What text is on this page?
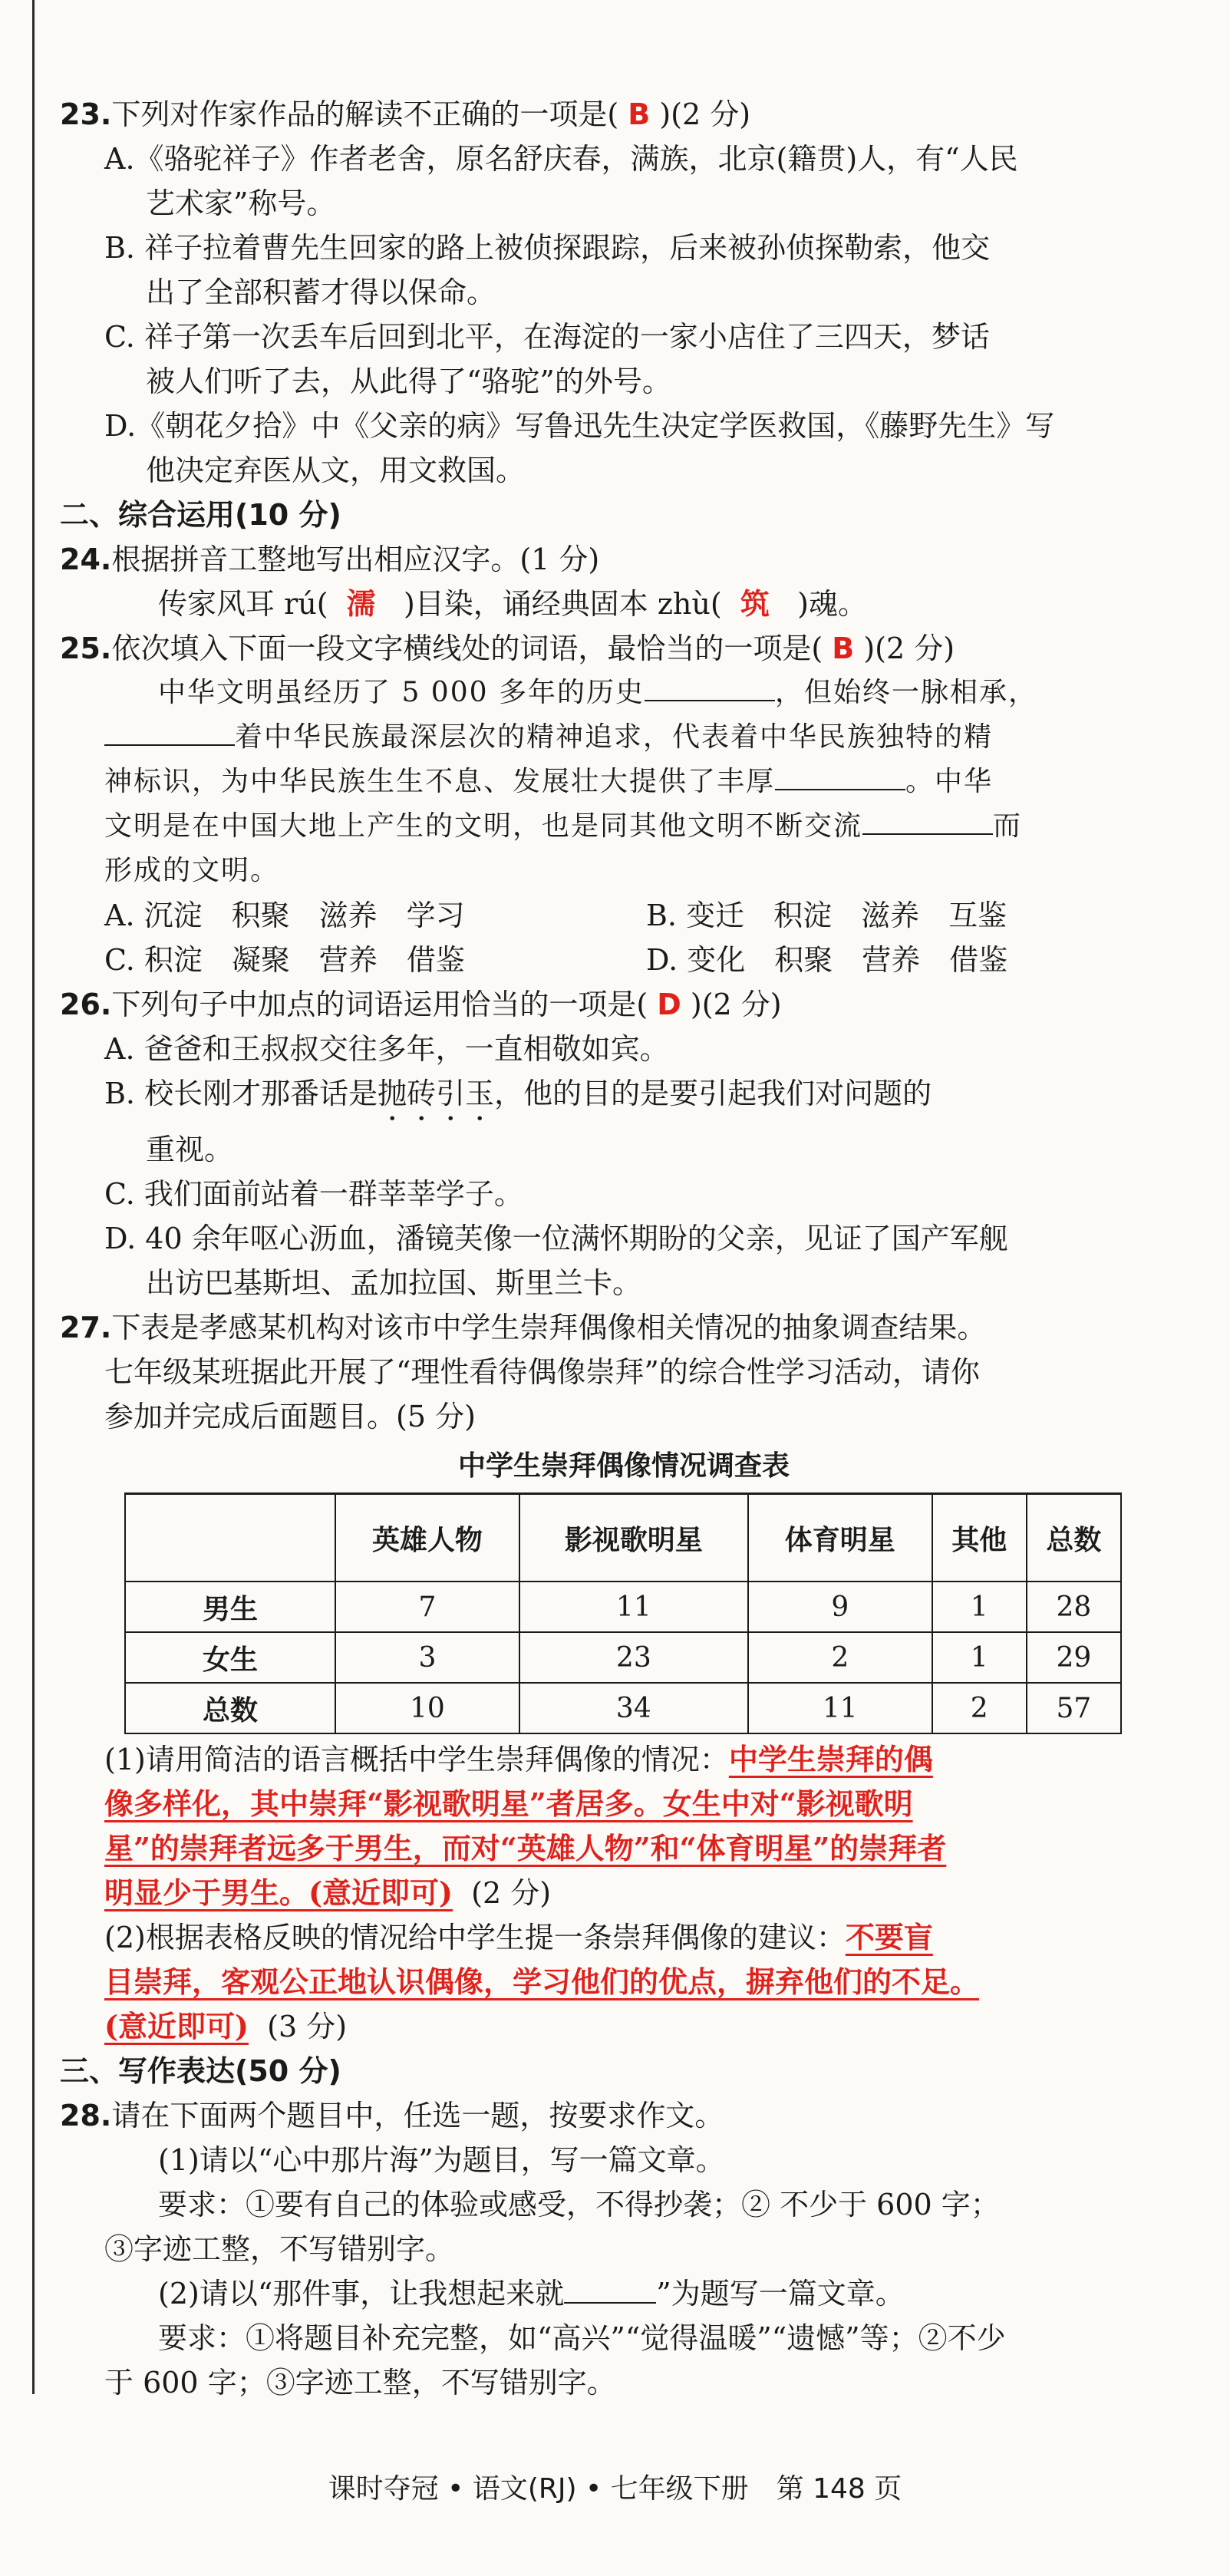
23.下列对作家作品的解读不正确的一项是( B )(2 分)
A.《骆驼祥子》作者老舍，原名舒庆春，满族，北京(籍贯)人，有“人民
艺术家”称号。
B. 祥子拉着曹先生回家的路上被侦探跟踪，后来被孙侦探勒索，他交
出了全部积蓄才得以保命。
C. 祥子第一次丢车后回到北平，在海淀的一家小店住了三四天，梦话
被人们听了去，从此得了“骆驼”的外号。
D.《朝花夕拾》中《父亲的病》写鲁迅先生决定学医救国，《藤野先生》写
他决定弃医从文，用文救国。
二、综合运用(10 分)
24.根据拼音工整地写出相应汉字。(1 分)
传家风耳 rú( 濡 )目染，诵经典固本 zhù( 筑 )魂。
25.依次填入下面一段文字横线处的词语，最恰当的一项是( B )(2 分)
中华文明虽经历了 5 000 多年的历史	，但始终一脉相承，
着中华民族最深层次的精神追求，代表着中华民族独特的精
神标识，为中华民族生生不息、发展壮大提供了丰厚	。中华
文明是在中国大地上产生的文明，也是同其他文明不断交流	而
形成的文明。
A. 沉淀　积聚　滋养　学习	B. 变迁　积淀　滋养　互鉴
C. 积淀　凝聚　营养　借鉴	D. 变化　积聚　营养　借鉴
26.下列句子中加点的词语运用恰当的一项是( D )(2 分)
A. 爸爸和王叔叔交往多年，一直相敬如宾。
B. 校长刚才那番话是抛砖引玉，他的目的是要引起我们对问题的
重视。
C. 我们面前站着一群莘莘学子。
D. 40 余年呕心沥血，潘镜芙像一位满怀期盼的父亲，见证了国产军舰
出访巴基斯坦、孟加拉国、斯里兰卡。
27.下表是孝感某机构对该市中学生崇拜偶像相关情况的抽象调查结果。
七年级某班据此开展了“理性看待偶像崇拜”的综合性学习活动，请你
参加并完成后面题目。(5 分)
中学生崇拜偶像情况调查表
	英雄人物	影视歌明星	体育明星	其他	总数
男生	7	11	9	1	28
女生	3	23	2	1	29
总数	10	34	11	2	57
(1)请用简洁的语言概括中学生崇拜偶像的情况：中学生崇拜的偶
像多样化，其中崇拜“影视歌明星”者居多。女生中对“影视歌明
星”的崇拜者远多于男生，而对“英雄人物”和“体育明星”的崇拜者
明显少于男生。(意近即可) (2 分)
(2)根据表格反映的情况给中学生提一条崇拜偶像的建议：不要盲
目崇拜，客观公正地认识偶像，学习他们的优点，摒弃他们的不足。
(意近即可) (3 分)
三、写作表达(50 分)
28.请在下面两个题目中，任选一题，按要求作文。
(1)请以“心中那片海”为题目，写一篇文章。
要求：①要有自己的体验或感受，不得抄袭；② 不少于 600 字；
③字迹工整，不写错别字。
(2)请以“那件事，让我想起来就	”为题写一篇文章。
要求：①将题目补充完整，如“高兴”“觉得温暖”“遗憾”等；②不少
于 600 字；③字迹工整，不写错别字。
课时夺冠 • 语文(RJ) • 七年级下册　第 148 页
